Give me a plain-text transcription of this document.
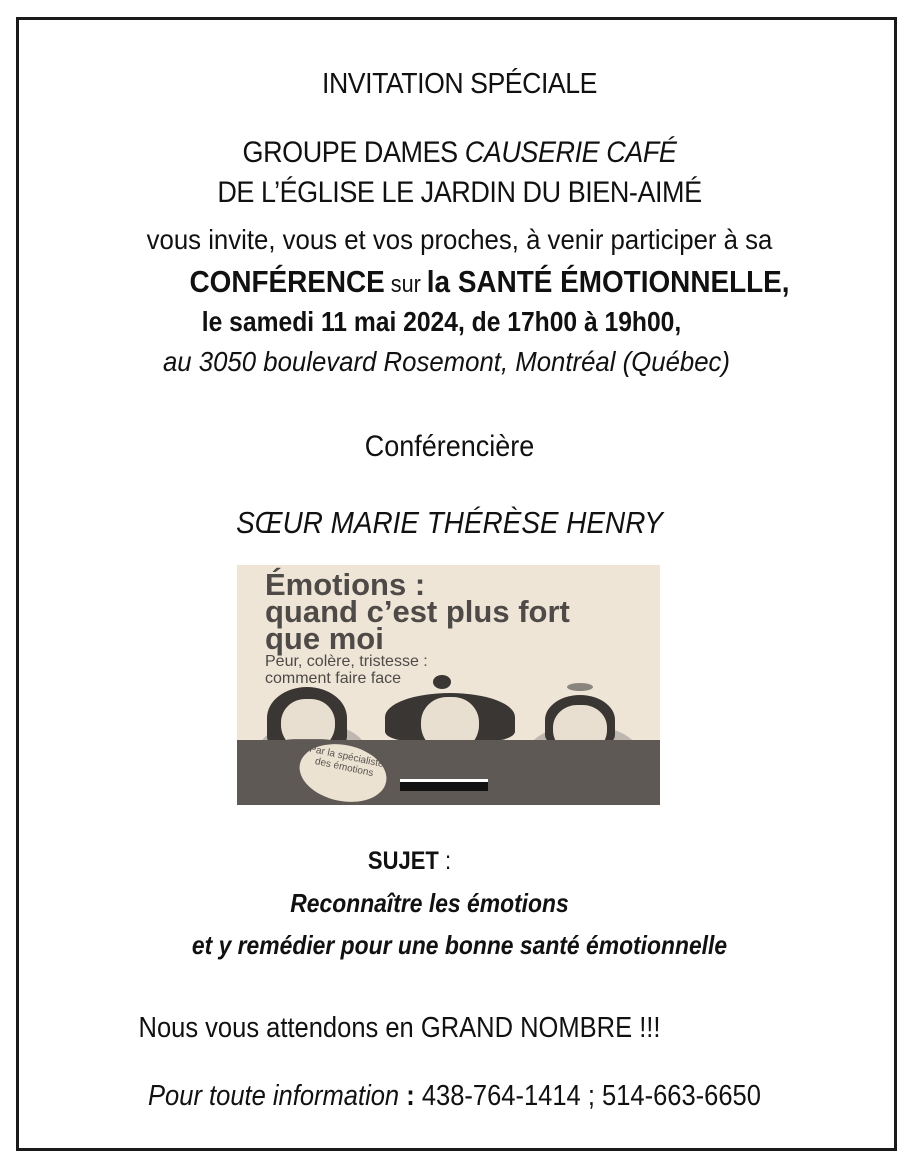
INVITATION SPÉCIALE
GROUPE DAMES CAUSERIE CAFÉ
DE L’ÉGLISE LE JARDIN DU BIEN-AIMÉ
vous invite, vous et vos proches, à venir participer à sa
CONFÉRENCE sur la SANTÉ ÉMOTIONNELLE,
le samedi 11 mai 2024, de 17h00 à 19h00,
au 3050 boulevard Rosemont, Montréal (Québec)
Conférencière
SŒUR MARIE THÉRÈSE HENRY
Émotions :
quand c’est plus fort
que moi
Peur, colère, tristesse :
comment faire face
Par la spécialiste des émotions
SUJET :
Reconnaître les émotions
et y remédier pour une bonne santé émotionnelle
Nous vous attendons en GRAND NOMBRE !!!
Pour toute information : 438-764-1414 ; 514-663-6650
